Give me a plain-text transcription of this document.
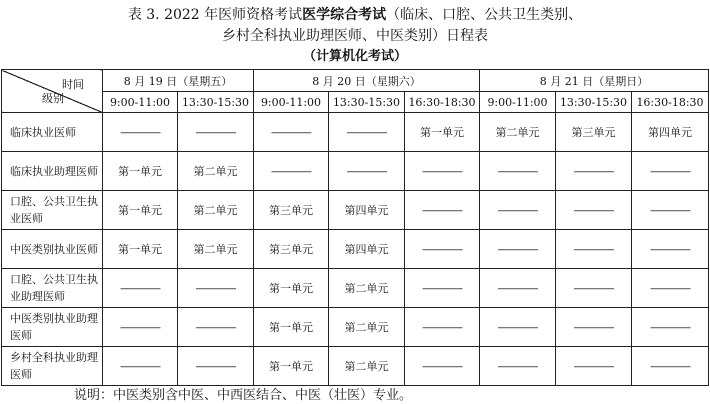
表 3. 2022 年医师资格考试医学综合考试（临床、口腔、公共卫生类别、
乡村全科执业助理医师、中医类别）日程表
（计算机化考试）
时间
级别	8 月 19 日（星期五）		8 月 20 日（星期六）			8 月 21 日（星期日）		
	9:00-11:00	13:30-15:30	9:00-11:00	13:30-15:30	16:30-18:30	9:00-11:00	13:30-15:30	16:30-18:30
临床执业医师	————	————	————	————	第一单元	第二单元	第三单元	第四单元
临床执业助理医师	第一单元	第二单元	————	————	————	————	————	————
口腔、公共卫生执业医师	第一单元	第二单元	第三单元	第四单元	————	————	————	————
中医类别执业医师	第一单元	第二单元	第三单元	第四单元	————	————	————	————
口腔、公共卫生执业助理医师	————	————	第一单元	第二单元	————	————	————	————
中医类别执业助理医师	————	————	第一单元	第二单元	————	————	————	————
乡村全科执业助理医师	————	————	第一单元	第二单元	————	————	————	————
说明：中医类别含中医、中西医结合、中医（壮医）专业。
